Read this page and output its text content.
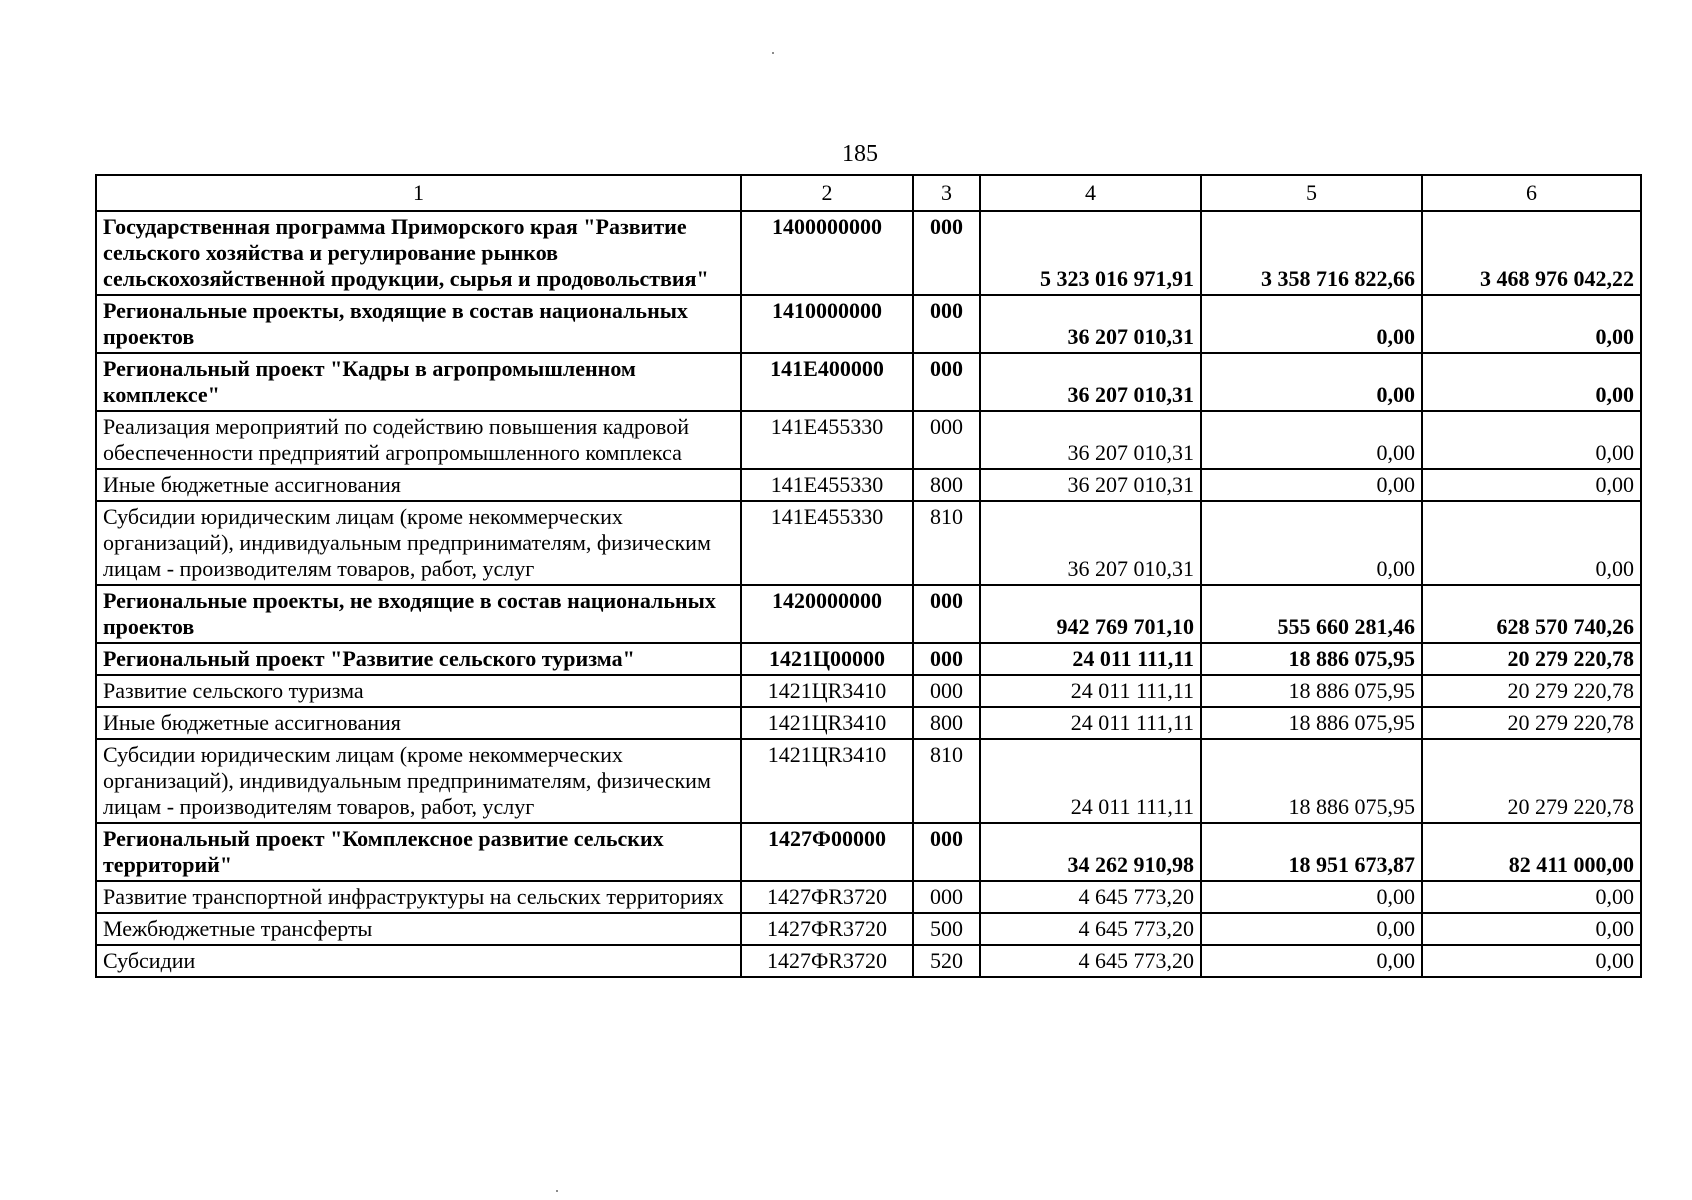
185
1	2	3	4	5	6
Государственная программа Приморского края "Развитие сельского хозяйства и регулирование рынков сельскохозяйственной продукции, сырья и продовольствия"	1400000000	000	5 323 016 971,91	3 358 716 822,66	3 468 976 042,22
Региональные проекты, входящие в состав национальных проектов	1410000000	000	36 207 010,31	0,00	0,00
Региональный проект "Кадры в агропромышленном комплексе"	141E400000	000	36 207 010,31	0,00	0,00
Реализация мероприятий по содействию повышения кадровой обеспеченности предприятий агропромышленного комплекса	141E455330	000	36 207 010,31	0,00	0,00
Иные бюджетные ассигнования	141E455330	800	36 207 010,31	0,00	0,00
Субсидии юридическим лицам (кроме некоммерческих организаций), индивидуальным предпринимателям, физическим лицам - производителям товаров, работ, услуг	141E455330	810	36 207 010,31	0,00	0,00
Региональные проекты, не входящие в состав национальных проектов	1420000000	000	942 769 701,10	555 660 281,46	628 570 740,26
Региональный проект "Развитие сельского туризма"	1421Ц00000	000	24 011 111,11	18 886 075,95	20 279 220,78
Развитие сельского туризма	1421ЦR3410	000	24 011 111,11	18 886 075,95	20 279 220,78
Иные бюджетные ассигнования	1421ЦR3410	800	24 011 111,11	18 886 075,95	20 279 220,78
Субсидии юридическим лицам (кроме некоммерческих организаций), индивидуальным предпринимателям, физическим лицам - производителям товаров, работ, услуг	1421ЦR3410	810	24 011 111,11	18 886 075,95	20 279 220,78
Региональный проект "Комплексное развитие сельских территорий"	1427Ф00000	000	34 262 910,98	18 951 673,87	82 411 000,00
Развитие транспортной инфраструктуры на сельских территориях	1427ФR3720	000	4 645 773,20	0,00	0,00
Межбюджетные трансферты	1427ФR3720	500	4 645 773,20	0,00	0,00
Субсидии	1427ФR3720	520	4 645 773,20	0,00	0,00
